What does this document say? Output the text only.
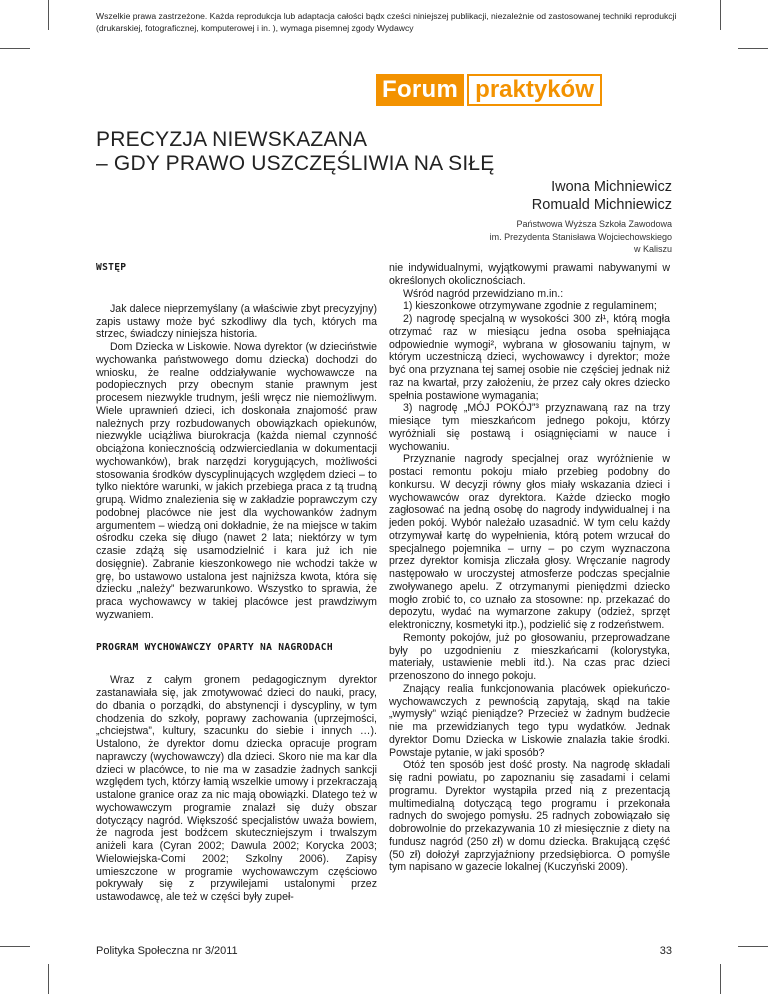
Wszelkie prawa zastrzeżone. Każda reprodukcja lub adaptacja całości bądx cześci niniejszej publikacji, niezależnie od zastosowanej techniki reprodukcji (drukarskiej, fotograficznej, komputerowej i in. ), wymaga pisemnej zgody Wydawcy
Forum praktyków
PRECYZJA NIEWSKAZANA
– GDY PRAWO USZCZĘŚLIWIA NA SIŁĘ
Iwona Michniewicz
Romuald Michniewicz
Państwowa Wyższa Szkoła Zawodowa
im. Prezydenta Stanisława Wojciechowskiego
w Kaliszu
WSTĘP

Jak dalece nieprzemyślany (a właściwie zbyt precyzyjny) zapis ustawy może być szkodliwy dla tych, których ma strzec, świadczy niniejsza historia.

Dom Dziecka w Liskowie. Nowa dyrektor (w dzieciństwie wychowanka państwowego domu dziecka) dochodzi do wniosku, że realne oddziaływanie wychowawcze na podopiecznych przy obecnym stanie prawnym jest procesem niezwykle trudnym, jeśli wręcz nie niemożliwym. Wiele uprawnień dzieci, ich doskonała znajomość praw należnych przy rozbudowanych obowiązkach opiekunów, niezwykle uciążliwa biurokracja (każda niemal czynność obciążona koniecznością odzwierciedlania w dokumentacji wychowanków), brak narzędzi korygujących, możliwości stosowania środków dyscyplinujących względem dzieci – to tylko niektóre warunki, w jakich przebiega praca z tą trudną grupą. Widmo znalezienia się w zakładzie poprawczym czy podobnej placówce nie jest dla wychowanków żadnym argumentem – wiedzą oni dokładnie, że na miejsce w takim ośrodku czeka się długo (nawet 2 lata; niektórzy w tym czasie zdążą się usamodzielnić i kara już ich nie dosięgnie). Zabranie kieszonkowego nie wchodzi także w grę, bo ustawowo ustalona jest najniższa kwota, która się dziecku „należy” bezwarunkowo. Wszystko to sprawia, że praca wychowawcy w takiej placówce jest prawdziwym wyzwaniem.

PROGRAM WYCHOWAWCZY OPARTY NA NAGRODACH

Wraz z całym gronem pedagogicznym dyrektor zastanawiała się, jak zmotywować dzieci do nauki, pracy, do dbania o porządki, do abstynencji i dyscypliny, w tym chodzenia do szkoły, poprawy zachowania (uprzejmości, „chciejstwa”, kultury, szacunku do siebie i innych …). Ustalono, że dyrektor domu dziecka opracuje program naprawczy (wychowawczy) dla dzieci. Skoro nie ma kar dla dzieci w placówce, to nie ma w zasadzie żadnych sankcji względem tych, którzy łamią wszelkie umowy i przekraczają ustalone granice oraz za nic mają obowiązki. Dlatego też w wychowawczym programie znalazł się duży obszar dotyczący nagród. Większość specjalistów uważa bowiem, że nagroda jest bodźcem skuteczniejszym i trwalszym aniżeli kara (Cyran 2002; Dawula 2002; Korycka 2003; Wielowiejska-Comi 2002; Szkolny 2006). Zapisy umieszczone w programie wychowawczym częściowo pokrywały się z przywilejami ustalonymi przez ustawodawcę, ale też w części były zupeł-

nie indywidualnymi, wyjątkowymi prawami nabywanymi w określonych okolicznościach.

Wśród nagród przewidziano m.in.:

1) kieszonkowe otrzymywane zgodnie z regulaminem;

2) nagrodę specjalną w wysokości 300 zł¹, którą mogła otrzymać raz w miesiącu jedna osoba spełniająca odpowiednie wymogi², wybrana w głosowaniu tajnym, w którym uczestniczą dzieci, wychowawcy i dyrektor; może być ona przyznana tej samej osobie nie częściej jednak niż raz na kwartał, przy założeniu, że przez cały okres dziecko spełnia postawione wymagania;

3) nagrodę „MÓJ POKÓJ”³ przyznawaną raz na trzy miesiące tym mieszkańcom jednego pokoju, którzy wyróżniali się postawą i osiągnięciami w nauce i wychowaniu.

Przyznanie nagrody specjalnej oraz wyróżnienie w postaci remontu pokoju miało przebieg podobny do konkursu. W decyzji równy głos miały wskazania dzieci i wychowawców oraz dyrektora. Każde dziecko mogło zagłosować na jedną osobę do nagrody indywidualnej i na jeden pokój. Wybór należało uzasadnić. W tym celu każdy otrzymywał kartę do wypełnienia, którą potem wrzucał do specjalnego pojemnika – urny – po czym wyznaczona przez dyrektor komisja zliczała głosy. Wręczanie nagrody następowało w uroczystej atmosferze podczas specjalnie zwoływanego apelu. Z otrzymanymi pieniędzmi dziecko mogło zrobić to, co uznało za stosowne: np. przekazać do depozytu, wydać na wymarzone zakupy (odzież, sprzęt elektroniczny, kosmetyki itp.), podzielić się z rodzeństwem.

Remonty pokojów, już po głosowaniu, przeprowadzane były po uzgodnieniu z mieszkańcami (kolorystyka, materiały, ustawienie mebli itd.). Na czas prac dzieci przenoszono do innego pokoju.

Znający realia funkcjonowania placówek opiekuńczo-wychowawczych z pewnością zapytają, skąd na takie „wymysły” wziąć pieniądze? Przecież w żadnym budżecie nie ma przewidzianych tego typu wydatków. Jednak dyrektor Domu Dziecka w Liskowie znalazła takie środki. Powstaje pytanie, w jaki sposób?

Otóż ten sposób jest dość prosty. Na nagrodę składali się radni powiatu, po zapoznaniu się zasadami i celami programu. Dyrektor wystąpiła przed nią z prezentacją multimedialną dotyczącą tego programu i przekonała radnych do swojego pomysłu. 25 radnych zobowiązało się dobrowolnie do przekazywania 10 zł miesięcznie z diety na fundusz nagród (250 zł) w domu dziecka. Brakującą część (50 zł) dołożył zaprzyjaźniony przedsiębiorca. O pomyśle tym napisano w gazecie lokalnej (Kuczyński 2009).

Polityka Społeczna nr 3/2011	33
